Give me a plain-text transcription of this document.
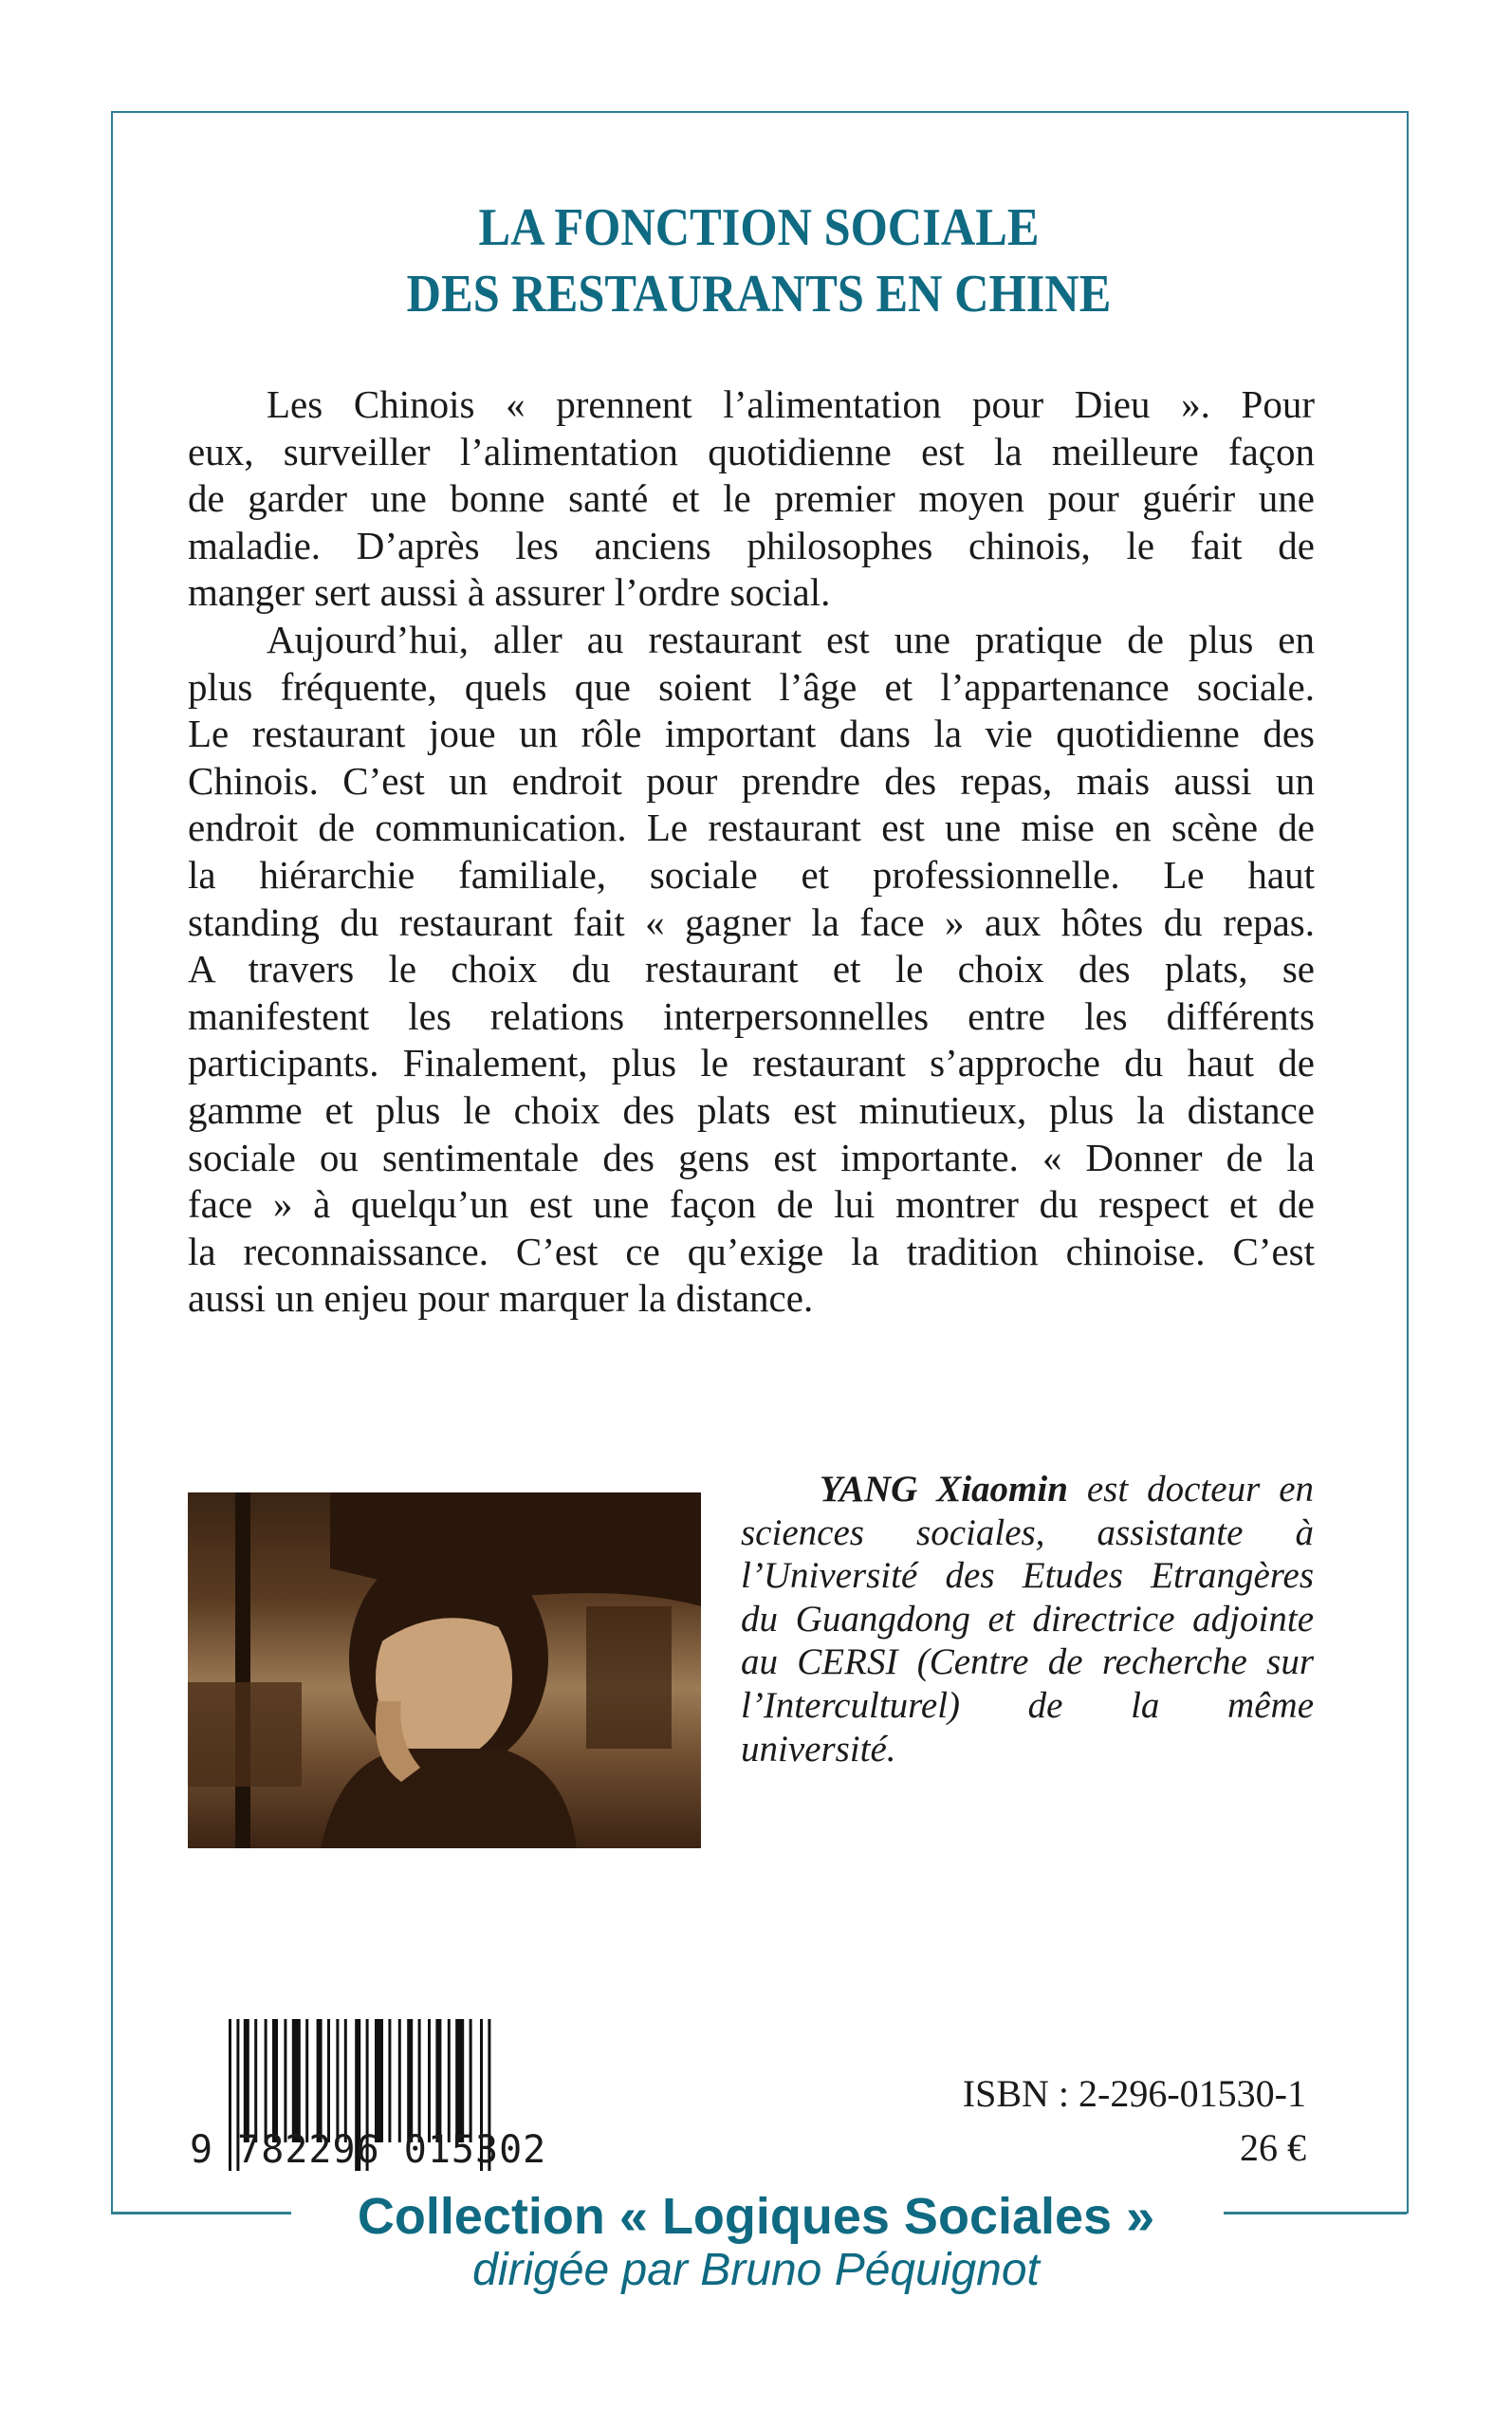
LA FONCTION SOCIALE
DES RESTAURANTS EN CHINE
Les Chinois « prennent l’alimentation pour Dieu ». Pour
eux, surveiller l’alimentation quotidienne est la meilleure façon
de garder une bonne santé et le premier moyen pour guérir une
maladie. D’après les anciens philosophes chinois, le fait de
manger sert aussi à assurer l’ordre social.
Aujourd’hui, aller au restaurant est une pratique de plus en
plus fréquente, quels que soient l’âge et l’appartenance sociale.
Le restaurant joue un rôle important dans la vie quotidienne des
Chinois. C’est un endroit pour prendre des repas, mais aussi un
endroit de communication. Le restaurant est une mise en scène de
la hiérarchie familiale, sociale et professionnelle. Le haut
standing du restaurant fait « gagner la face » aux hôtes du repas.
A travers le choix du restaurant et le choix des plats, se
manifestent les relations interpersonnelles entre les différents
participants. Finalement, plus le restaurant s’approche du haut de
gamme et plus le choix des plats est minutieux, plus la distance
sociale ou sentimentale des gens est importante. « Donner de la
face » à quelqu’un est une façon de lui montrer du respect et de
la reconnaissance. C’est ce qu’exige la tradition chinoise. C’est
aussi un enjeu pour marquer la distance.
YANG Xiaomin est docteur en
sciences sociales, assistante à
l’Université des Etudes Etrangères
du Guangdong et directrice adjointe
au CERSI (Centre de recherche sur
l’Interculturel) de la même
université.
9 782296 015302
ISBN : 2-296-01530-1
26 €
Collection « Logiques Sociales »
dirigée par Bruno Péquignot
